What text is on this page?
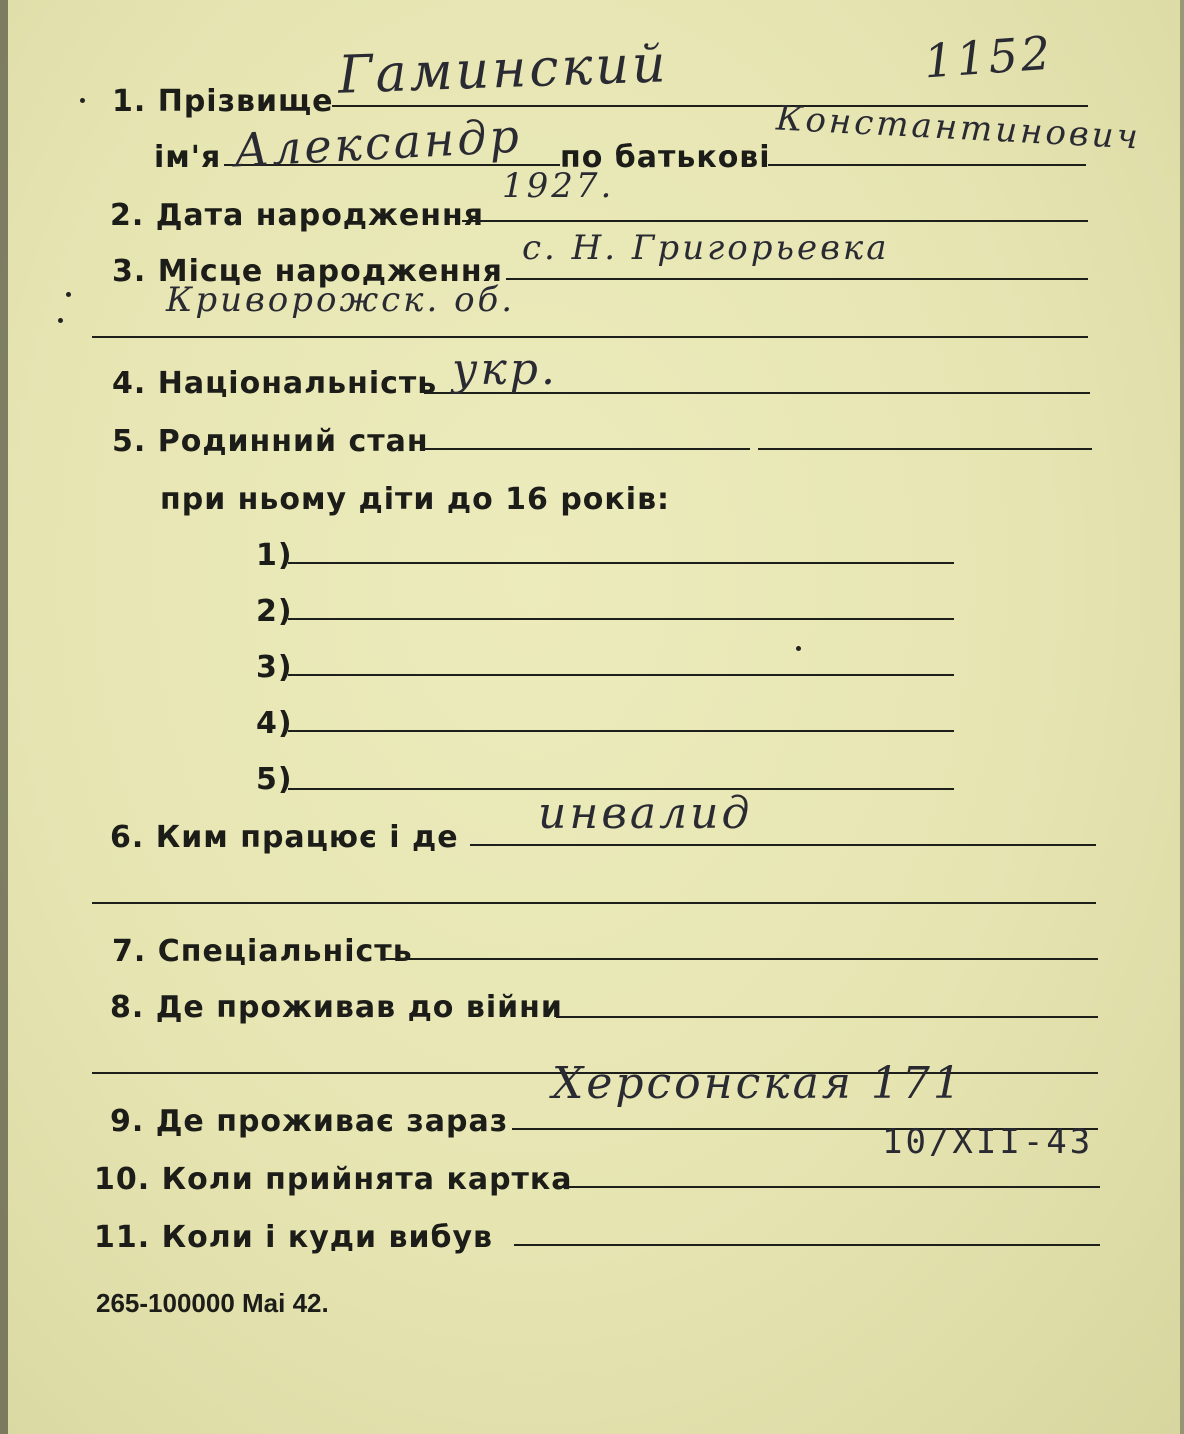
1. Прізвище
ім'я	по батькові
2. Дата народження
3. Місце народження
4. Національність
5. Родинний стан
при ньому діти до 16 років:
1)
2)
3)
4)
5)
6. Ким працює і де
7. Спеціальність
8. Де проживав до війни
9. Де проживає зараз
10. Коли прийнята картка
11. Коли і куди вибув
265-100000 Mai 42.
1152
Гаминский
Александр	Константинович
1927.
с. Н. Григорьевка
Криворожск. об.
укр.
инвалид
Херсонская 171
10/XII-43
